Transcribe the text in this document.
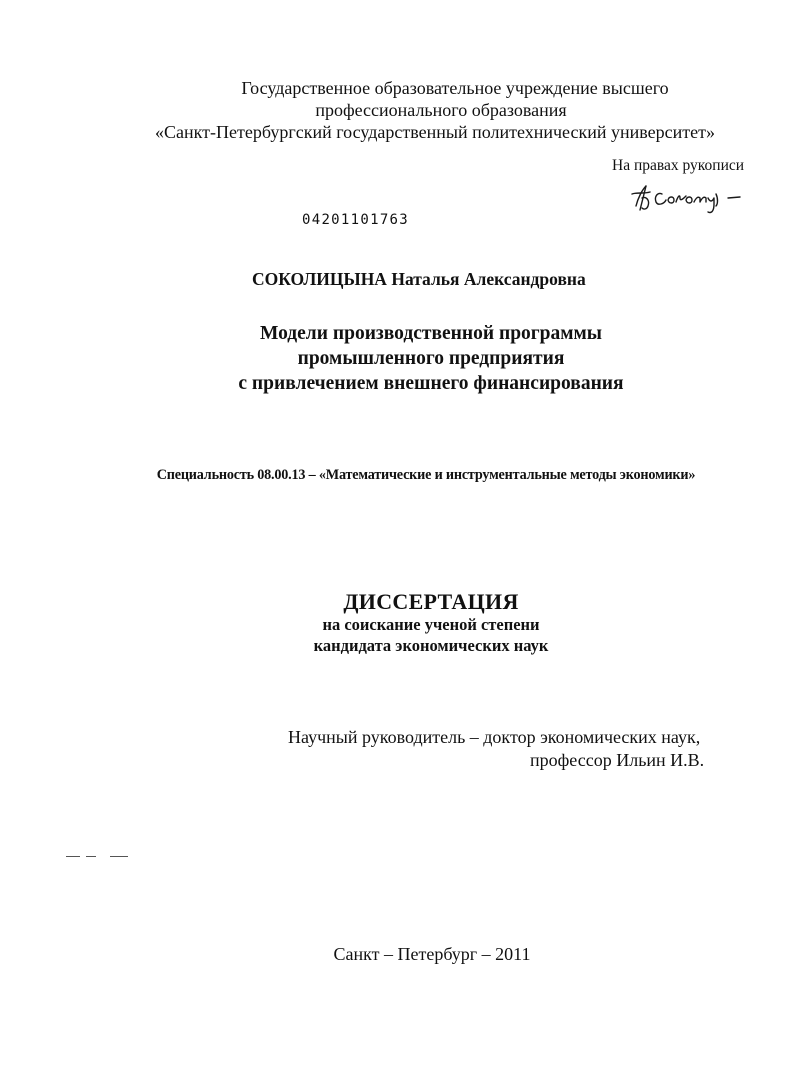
Государственное образовательное учреждение высшего
профессионального образования
«Санкт-Петербургский государственный политехнический университет»
На правах рукописи
04201101763
СОКОЛИЦЫНА Наталья Александровна
Модели производственной программы
промышленного предприятия
с привлечением внешнего финансирования
Специальность 08.00.13 – «Математические и инструментальные методы экономики»
ДИССЕРТАЦИЯ
на соискание ученой степени
кандидата экономических наук
Научный руководитель – доктор экономических наук,
профессор Ильин И.В.
Санкт – Петербург – 2011
